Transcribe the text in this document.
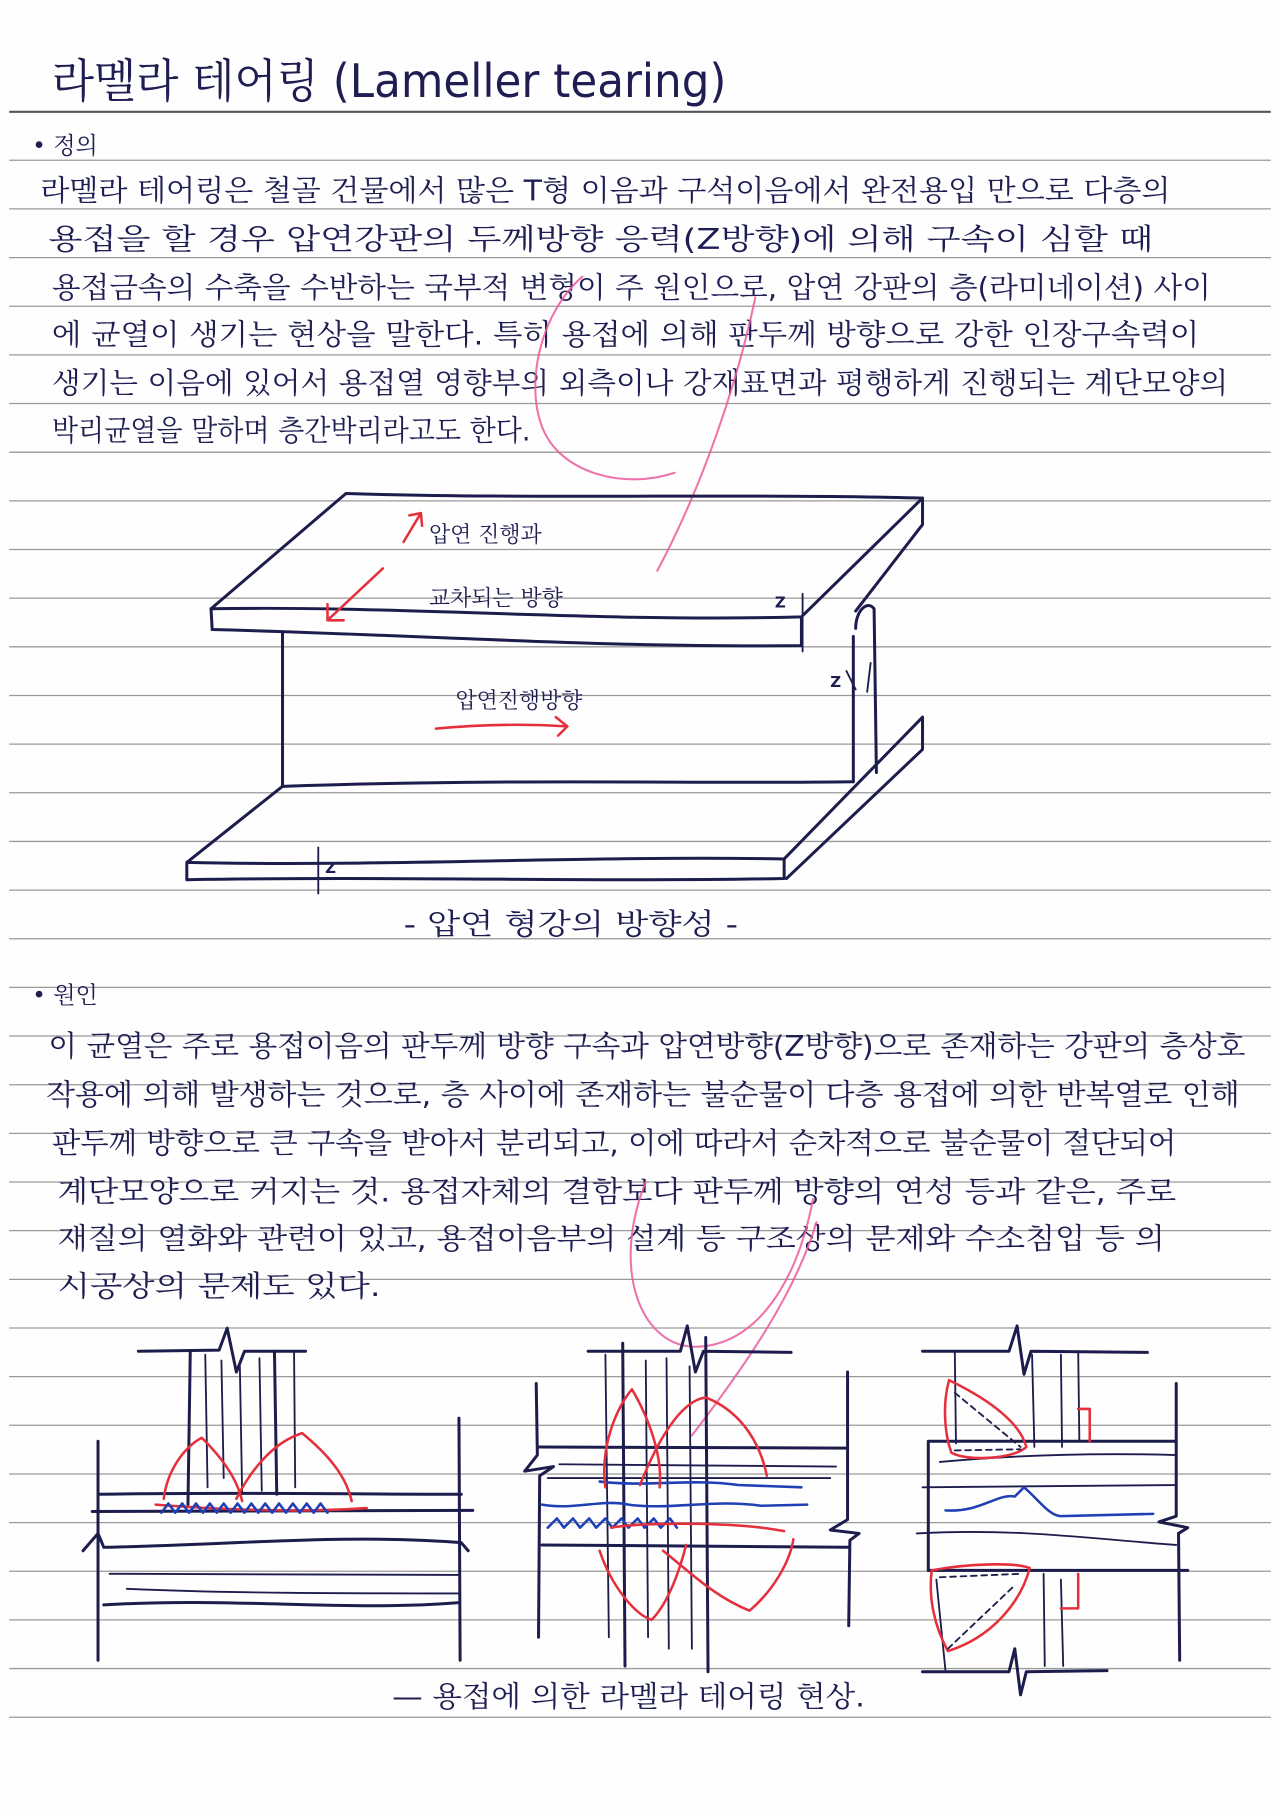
라멜라 테어링 (Lameller tearing)
• 정의
라멜라 테어링은 철골 건물에서 많은 T형 이음과 구석이음에서 완전용입 만으로 다층의
용접을 할 경우 압연강판의 두께방향 응력(Z방향)에 의해 구속이 심할 때
용접금속의 수축을 수반하는 국부적 변형이 주 원인으로, 압연 강판의 층(라미네이션) 사이
에 균열이 생기는 현상을 말한다. 특히 용접에 의해 판두께 방향으로 강한 인장구속력이
생기는 이음에 있어서 용접열 영향부의 외측이나 강재표면과 평행하게 진행되는 계단모양의
박리균열을 말하며 층간박리라고도 한다.
Z
Z
Z
압연 진행과
교차되는 방향
압연진행방향
- 압연 형강의 방향성 -
• 원인
이 균열은 주로 용접이음의 판두께 방향 구속과 압연방향(Z방향)으로 존재하는 강판의 층상호
작용에 의해 발생하는 것으로, 층 사이에 존재하는 불순물이 다층 용접에 의한 반복열로 인해
판두께 방향으로 큰 구속을 받아서 분리되고, 이에 따라서 순차적으로 불순물이 절단되어
계단모양으로 커지는 것. 용접자체의 결함보다 판두께 방향의 연성 등과 같은, 주로
재질의 열화와 관련이 있고, 용접이음부의 설계 등 구조상의 문제와 수소침입 등 의
시공상의 문제도 있다.
— 용접에 의한 라멜라 테어링 현상.
